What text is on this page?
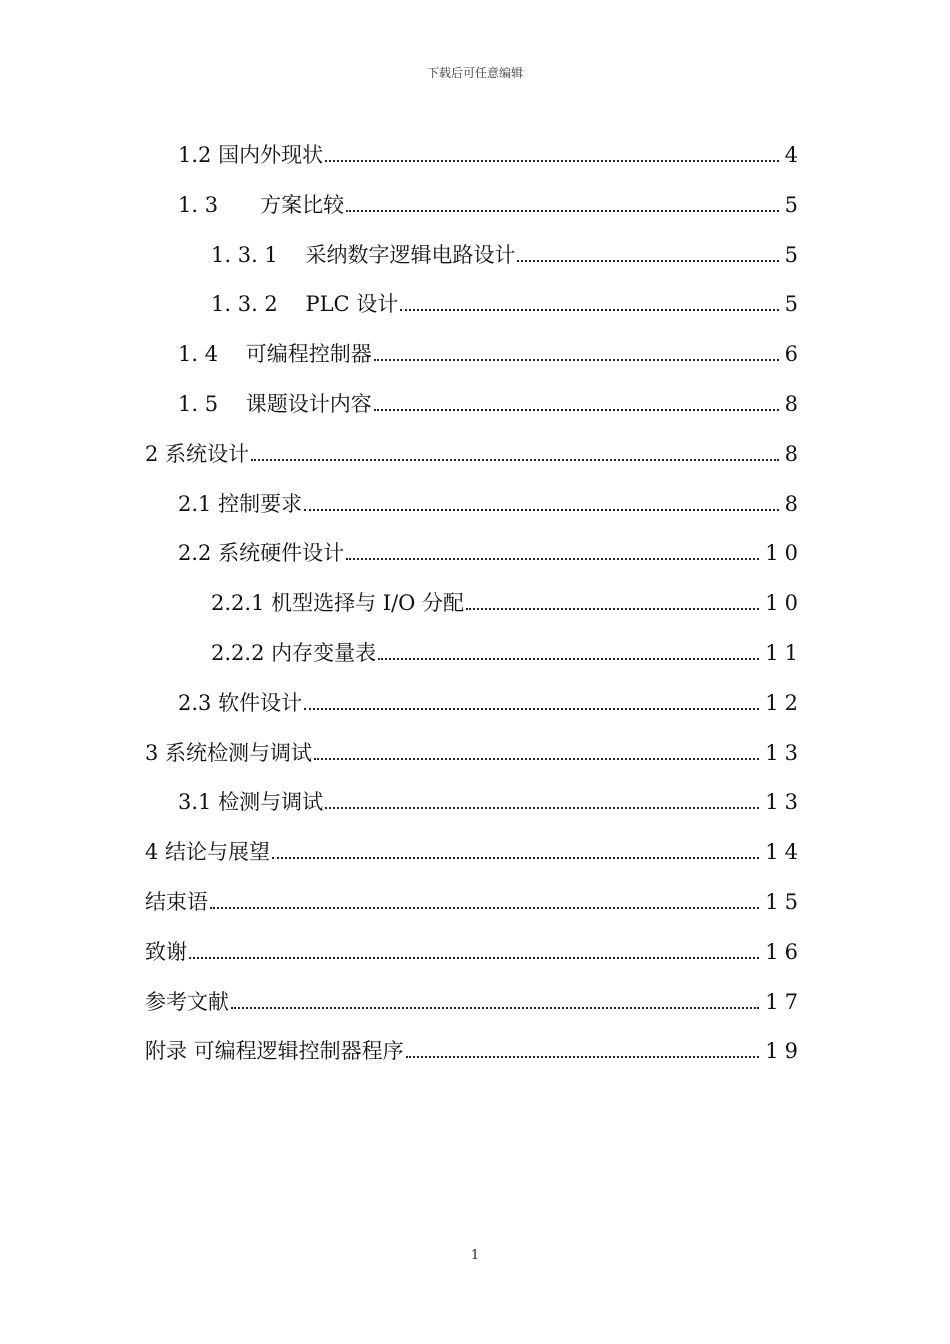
下载后可任意编辑
1.2 国内外现状	4
1. 3　　方案比较	5
1. 3. 1　 采纳数字逻辑电路设计	5
1. 3. 2　 PLC 设计	5
1. 4　 可编程控制器	6
1. 5　 课题设计内容	8
2 系统设计	8
2.1 控制要求	8
2.2 系统硬件设计	10
2.2.1 机型选择与 I/O 分配	10
2.2.2 内存变量表	11
2.3 软件设计	12
3 系统检测与调试	13
3.1 检测与调试	13
4 结论与展望	14
结束语	15
致谢	16
参考文献	17
附录 可编程逻辑控制器程序	19
1
